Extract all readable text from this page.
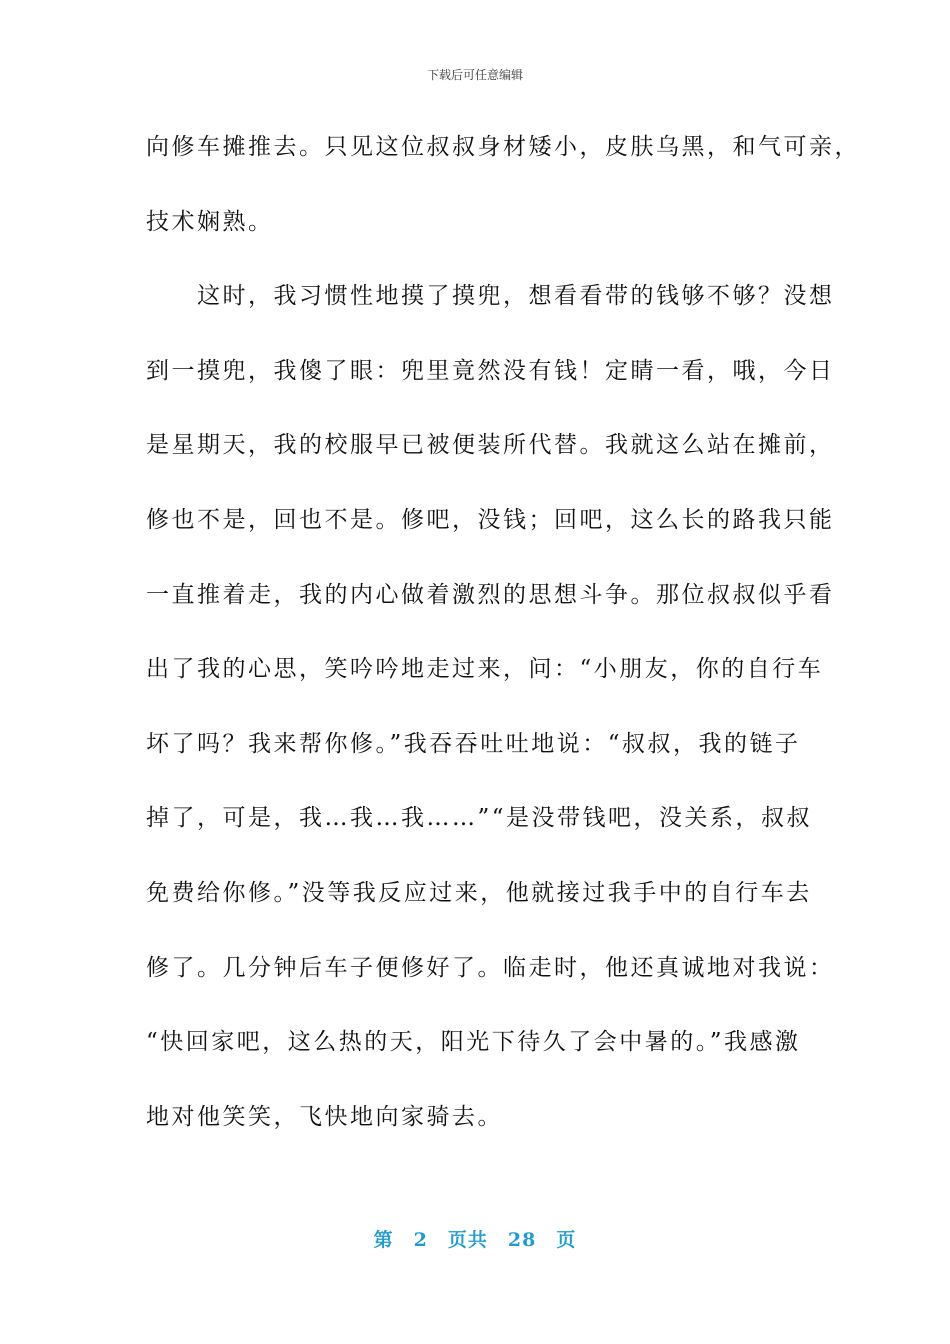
下载后可任意编辑
向修车摊推去。只见这位叔叔身材矮小，皮肤乌黑，和气可亲，
技术娴熟。
　　这时，我习惯性地摸了摸兜，想看看带的钱够不够？没想
到一摸兜，我傻了眼：兜里竟然没有钱！定睛一看，哦，今日
是星期天，我的校服早已被便装所代替。我就这么站在摊前，
修也不是，回也不是。修吧，没钱；回吧，这么长的路我只能
一直推着走，我的内心做着激烈的思想斗争。那位叔叔似乎看
出了我的心思，笑吟吟地走过来，问：“小朋友，你的自行车
坏了吗？我来帮你修。”我吞吞吐吐地说：“叔叔，我的链子
掉了，可是，我…我…我……”“是没带钱吧，没关系，叔叔
免费给你修。”没等我反应过来，他就接过我手中的自行车去
修了。几分钟后车子便修好了。临走时，他还真诚地对我说：
“快回家吧，这么热的天，阳光下待久了会中暑的。”我感激
地对他笑笑，飞快地向家骑去。
第　2　页共　28　页
